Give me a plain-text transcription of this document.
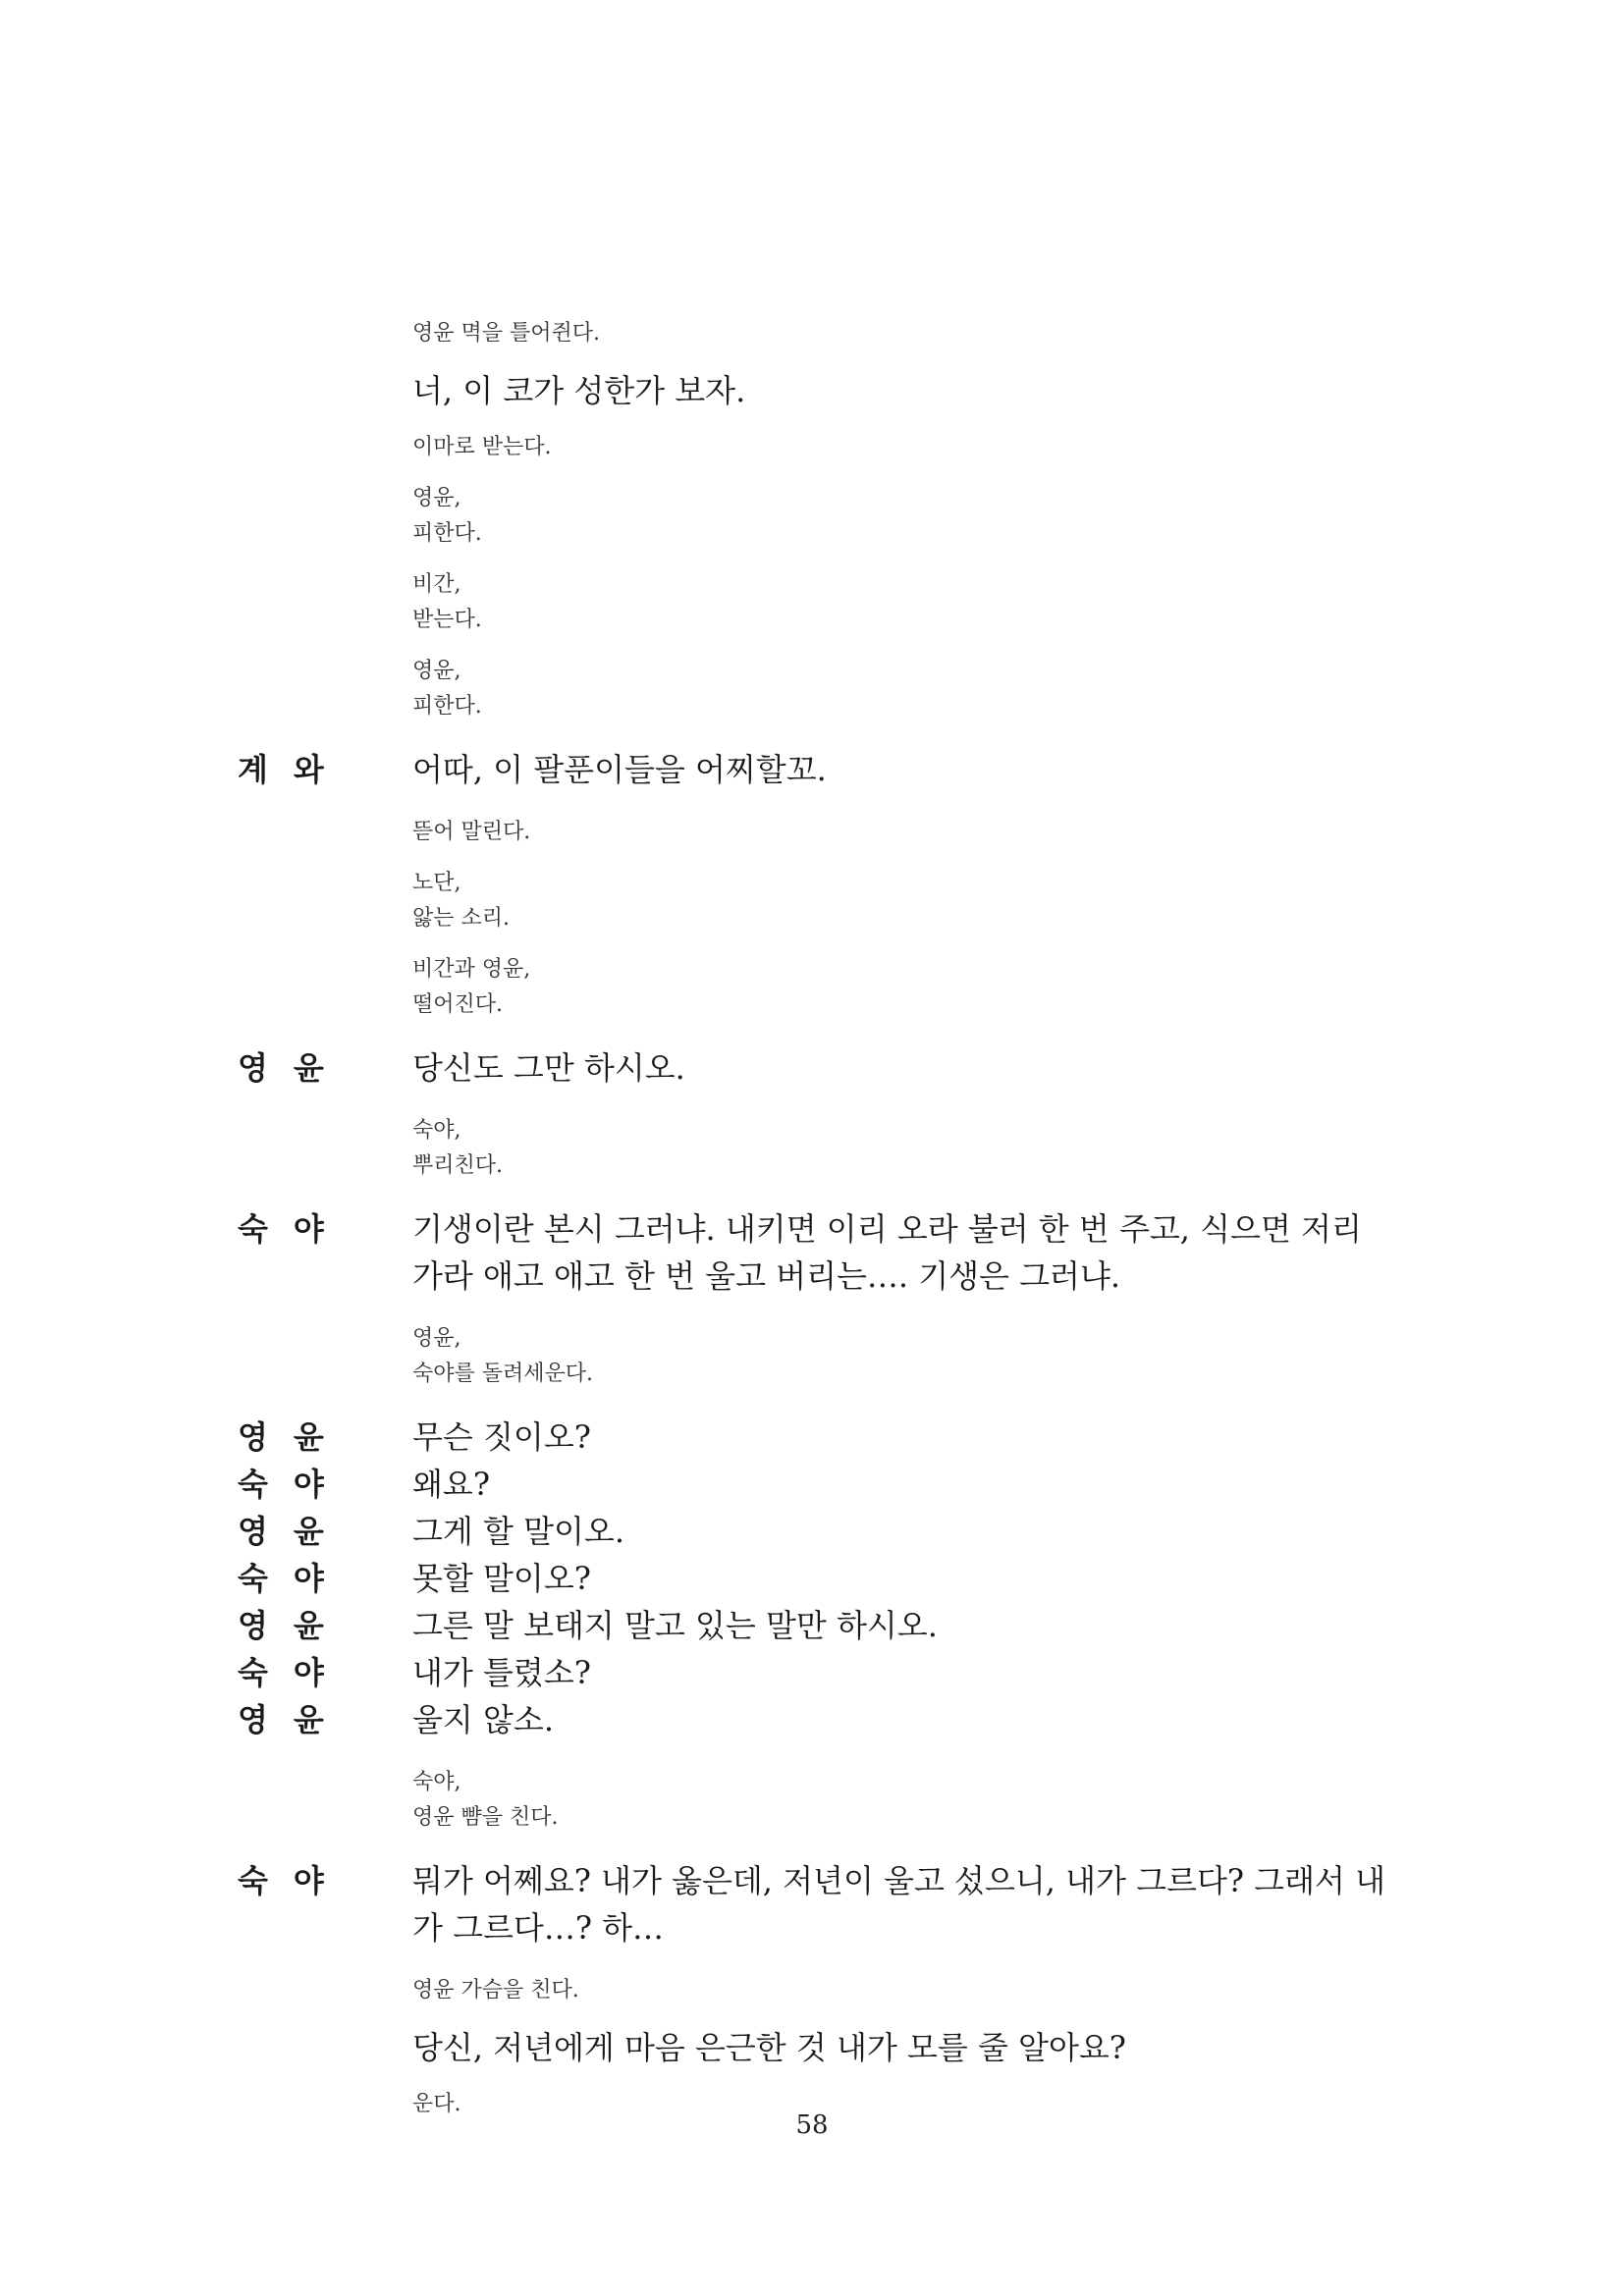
영윤 멱을 틀어쥔다.
너, 이 코가 성한가 보자.
이마로 받는다.
영윤,
피한다.
비간,
받는다.
영윤,
피한다.
계와	어따, 이 팔푼이들을 어찌할꼬.
뜯어 말린다.
노단,
앓는 소리.
비간과 영윤,
떨어진다.
영윤	당신도 그만 하시오.
숙야,
뿌리친다.
숙야	기생이란 본시 그러냐. 내키면 이리 오라 불러 한 번 주고, 식으면 저리 가라 애고 애고 한 번 울고 버리는…. 기생은 그러냐.
영윤,
숙야를 돌려세운다.
영윤	무슨 짓이오?
숙야	왜요?
영윤	그게 할 말이오.
숙야	못할 말이오?
영윤	그른 말 보태지 말고 있는 말만 하시오.
숙야	내가 틀렸소?
영윤	울지 않소.
숙야,
영윤 뺨을 친다.
숙야	뭐가 어쩨요? 내가 옳은데, 저년이 울고 섰으니, 내가 그르다? 그래서 내가 그르다…? 하…
영윤 가슴을 친다.
당신, 저년에게 마음 은근한 것 내가 모를 줄 알아요?
운다.
58
